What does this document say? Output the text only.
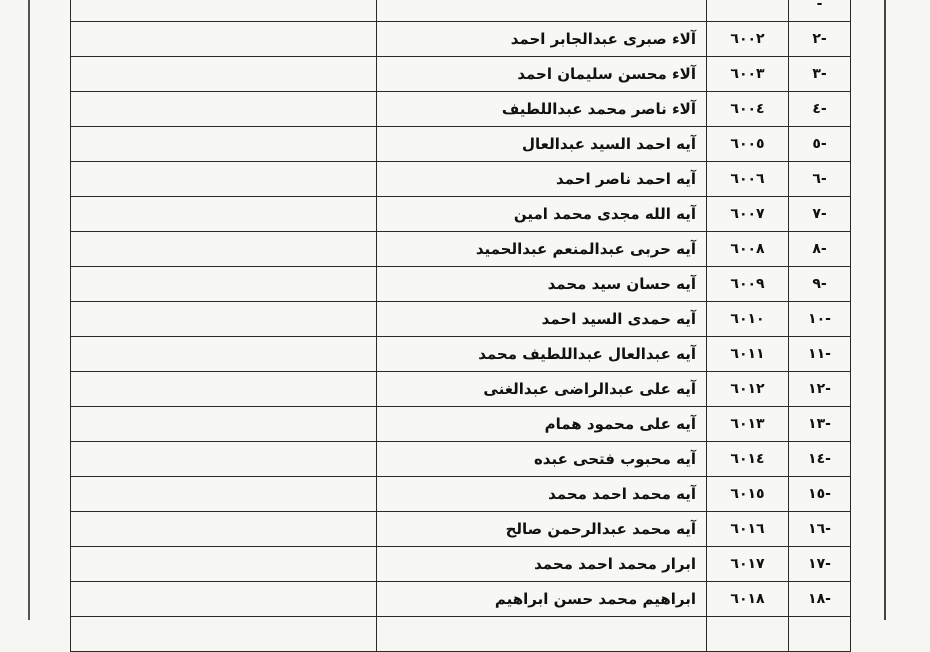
			-
	آلاء صبرى عبدالجابر احمد	٦٠٠٢	-٢
	آلاء محسن سليمان احمد	٦٠٠٣	-٣
	آلاء ناصر محمد عبداللطيف	٦٠٠٤	-٤
	آيه احمد السيد عبدالعال	٦٠٠٥	-٥
	آيه احمد ناصر احمد	٦٠٠٦	-٦
	آيه الله مجدى محمد امين	٦٠٠٧	-٧
	آيه حربى عبدالمنعم عبدالحميد	٦٠٠٨	-٨
	آيه حسان سيد محمد	٦٠٠٩	-٩
	آيه حمدى السيد احمد	٦٠١٠	-١٠
	آيه عبدالعال عبداللطيف محمد	٦٠١١	-١١
	آيه على عبدالراضى عبدالغنى	٦٠١٢	-١٢
	آيه على محمود همام	٦٠١٣	-١٣
	آيه محبوب فتحى عبده	٦٠١٤	-١٤
	آيه محمد احمد محمد	٦٠١٥	-١٥
	آيه محمد عبدالرحمن صالح	٦٠١٦	-١٦
	ابرار محمد احمد محمد	٦٠١٧	-١٧
	ابراهيم محمد حسن ابراهيم	٦٠١٨	-١٨
